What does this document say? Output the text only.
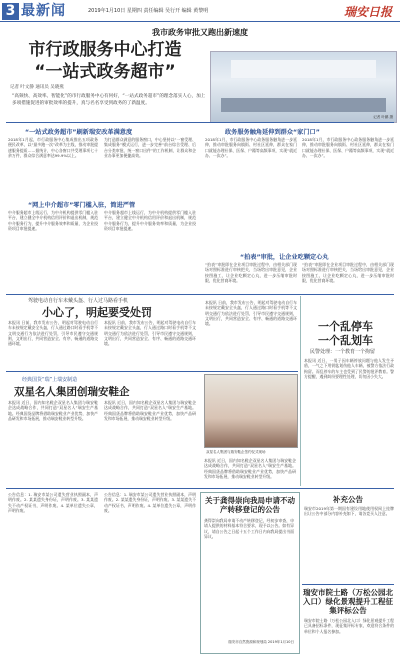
3 最新闻	2019年1月10日 星期四 责任编辑 吴行开 编辑 黄黎明	瑞安日报
我市政务审批又跑出新速度
市行政服务中心打造
“一站式政务超市”
记者 叶鹏 摄
记者 叶文静 通讯员 吴晓燕
“高频快、高效率、智能化”的市行政服务中心有何好，“一站式政务超市”的理念落实人心，加上多项措施促进的审批效率的提升，真与名名享受到政务的了新温度。
“一站式政务超市”刷新瑞安改革满意度	政务服务触角延伸到群众“家门口”
2018年1月起，市行政服务中心集成推出五项政务便民改革，以“最多跑一次”改革为主线，推动审批提速服务提质……据统计，中心各窗口共受理事项七十余万件，群众综合满意率达99.9%以上。
为打造群众满意的服务窗口，中心坚持以“一窗受理、集成服务”模式运行，进一步完善“前台综合受理、后台分类审批、统一窗口出件”的工作机制，让群众和企业办事更加便捷高效。
2018年1月，市行政服务中心政务服务触角进一步延伸，推动审批服务向镇街、村社区延伸，群众在家门口就能办理社保、医保、户籍等高频事项，实现“就近办、一次办”。
2018年1月，市行政服务中心政务服务触角进一步延伸，推动审批服务向镇街、村社区延伸，群众在家门口就能办理社保、医保、户籍等高频事项，实现“就近办、一次办”。
“网上中介超市”零门槛入驻，简进严管
中介服务超市上线运行，为中介机构提供零门槛入驻平台，建立健全中介机构信用评价和退出机制，规范中介服务行为，提升中介服务效率和质量，为企业投资项目审批提速。
中介服务超市上线运行，为中介机构提供零门槛入驻平台，建立健全中介机构信用评价和退出机制，规范中介服务行为，提升中介服务效率和质量，为企业投资项目审批提速。
“拍表”审批，让企业吃颗定心丸
“拍表”审批即在企业项目审批过程中，由相关部门现场对照标准进行审核把关，当场给出审批意见，企业按图施工，让企业吃颗定心丸，进一步压缩审批时限，优化营商环境。
“拍表”审批即在企业项目审批过程中，由相关部门现场对照标准进行审核把关，当场给出审批意见，企业按图施工，让企业吃颗定心丸，进一步压缩审批时限，优化营商环境。
驾驶电动自行车未戴头盔、行人过马路看手机
小心了，明起要受处罚
本报讯 日前，我市发布公告，明起对驾驶电动自行车未按规定戴安全头盔，行人通过路口时看手机等不文明交通行为依法进行处罚，引导市民遵守交通规则，文明出行，共同营造安全、有序、畅通的道路交通环境。
本报讯 日前，我市发布公告，明起对驾驶电动自行车未按规定戴安全头盔，行人通过路口时看手机等不文明交通行为依法进行处罚，引导市民遵守交通规则，文明出行，共同营造安全、有序、畅通的道路交通环境。
本报讯 日前，我市发布公告，明起对驾驶电动自行车未按规定戴安全头盔，行人通过路口时看手机等不文明交通行为依法进行处罚，引导市民遵守交通规则，文明出行，共同营造安全、有序、畅通的道路交通环境。	一个乱停车
一个乱划车
民警处理：一个教育一个拘留
本报讯 近日，一男子因车辆停放问题与他人发生矛盾，一气之下用钥匙划伤他人车辆，被警方依法行政拘留。而乱停车的车主也受到了民警的批评教育。警方提醒，遇到纠纷要理性处理，切勿因小失大。
经典国货“瑞”上瑞安制造
双星名人集团创瑞安鞋企
本报讯 近日，国内知名鞋企双星名人集团与瑞安鞋企达成战略合作，共同打造“双星名人”瑞安生产基地。经典国货品牌将借助瑞安鞋业产业优势，加快产品研发和市场拓展，推动瑞安鞋业转型升级。
本报讯 近日，国内知名鞋企双星名人集团与瑞安鞋企达成战略合作，共同打造“双星名人”瑞安生产基地。经典国货品牌将借助瑞安鞋业产业优势，加快产品研发和市场拓展，推动瑞安鞋业转型升级。
双星名人集团与瑞安鞋企签约仪式现场
本报讯 近日，国内知名鞋企双星名人集团与瑞安鞋企达成战略合作，共同打造“双星名人”瑞安生产基地。经典国货品牌将借助瑞安鞋业产业优势，加快产品研发和市场拓展，推动瑞安鞋业转型升级。
公告信息：1. 瑞安市某公司遗失营业执照副本，声明作废。2. 某某遗失身份证，声明作废。3. 某某遗失不动产权证书，声明作废。4. 某单位遗失公章，声明作废。
公告信息：1. 瑞安市某公司遗失营业执照副本，声明作废。2. 某某遗失身份证，声明作废。3. 某某遗失不动产权证书，声明作废。4. 某单位遗失公章，声明作废。
关于龚得崇向我局申请不动产转移登记的公告
龚得崇向我局申请不动产转移登记，经初步审查，申请人提供的材料基本符合要求，现予以公告。如有异议，请自公告之日起十五个工作日内向我局提出书面异议。
瑞安市自然资源和规划局 2019年1月10日
补充公告
瑞安市2019年第一期国有建设用地使用权网上挂牌出让公告中部分内容补充如下，请各竞买人注意。
瑞安市院士路（万松公园北入口）绿化景观提升工程征集评标公告
瑞安市院士路（万松公园北入口）绿化景观提升工程已具备招标条件，现征集评标专家，欢迎符合条件的单位和个人报名参加。
